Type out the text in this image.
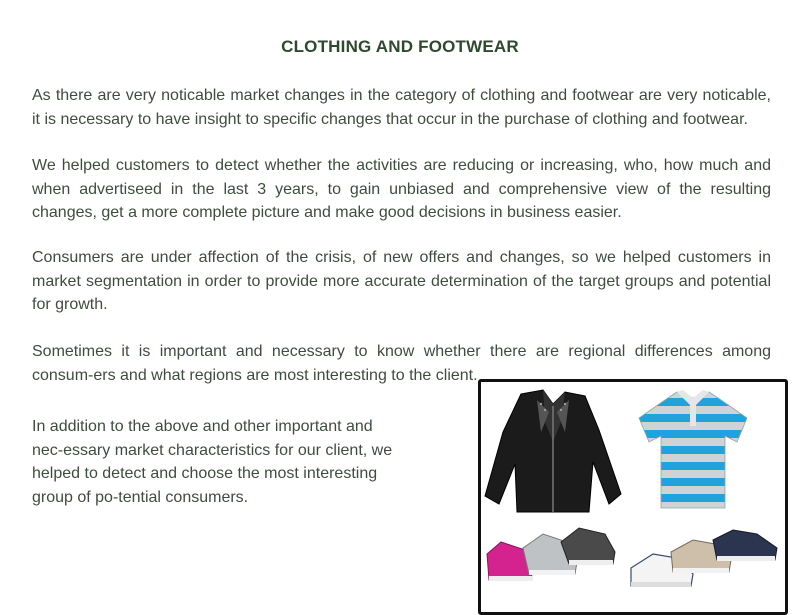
CLOTHING AND FOOTWEAR

As there are very noticable market changes in the category of clothing and footwear are very noticable, it is necessary to have insight to specific changes that occur in the purchase of clothing and footwear.

We helped customers to detect whether the activities are reducing or increasing, who, how much and when advertiseed in the last 3 years, to gain unbiased and comprehensive view of the resulting changes, get a more complete picture and make good decisions in business easier.

Consumers are under affection of the crisis, of new offers and changes, so we helped customers in market segmentation in order to provide more accurate determination of the target groups and potential for growth.

Sometimes it is important and necessary to know whether there are regional differences among consum-ers and what regions are most interesting to the client.

In addition to the above and other important and nec-essary market characteristics for our client, we helped to detect and choose the most interesting group of po-tential consumers.
